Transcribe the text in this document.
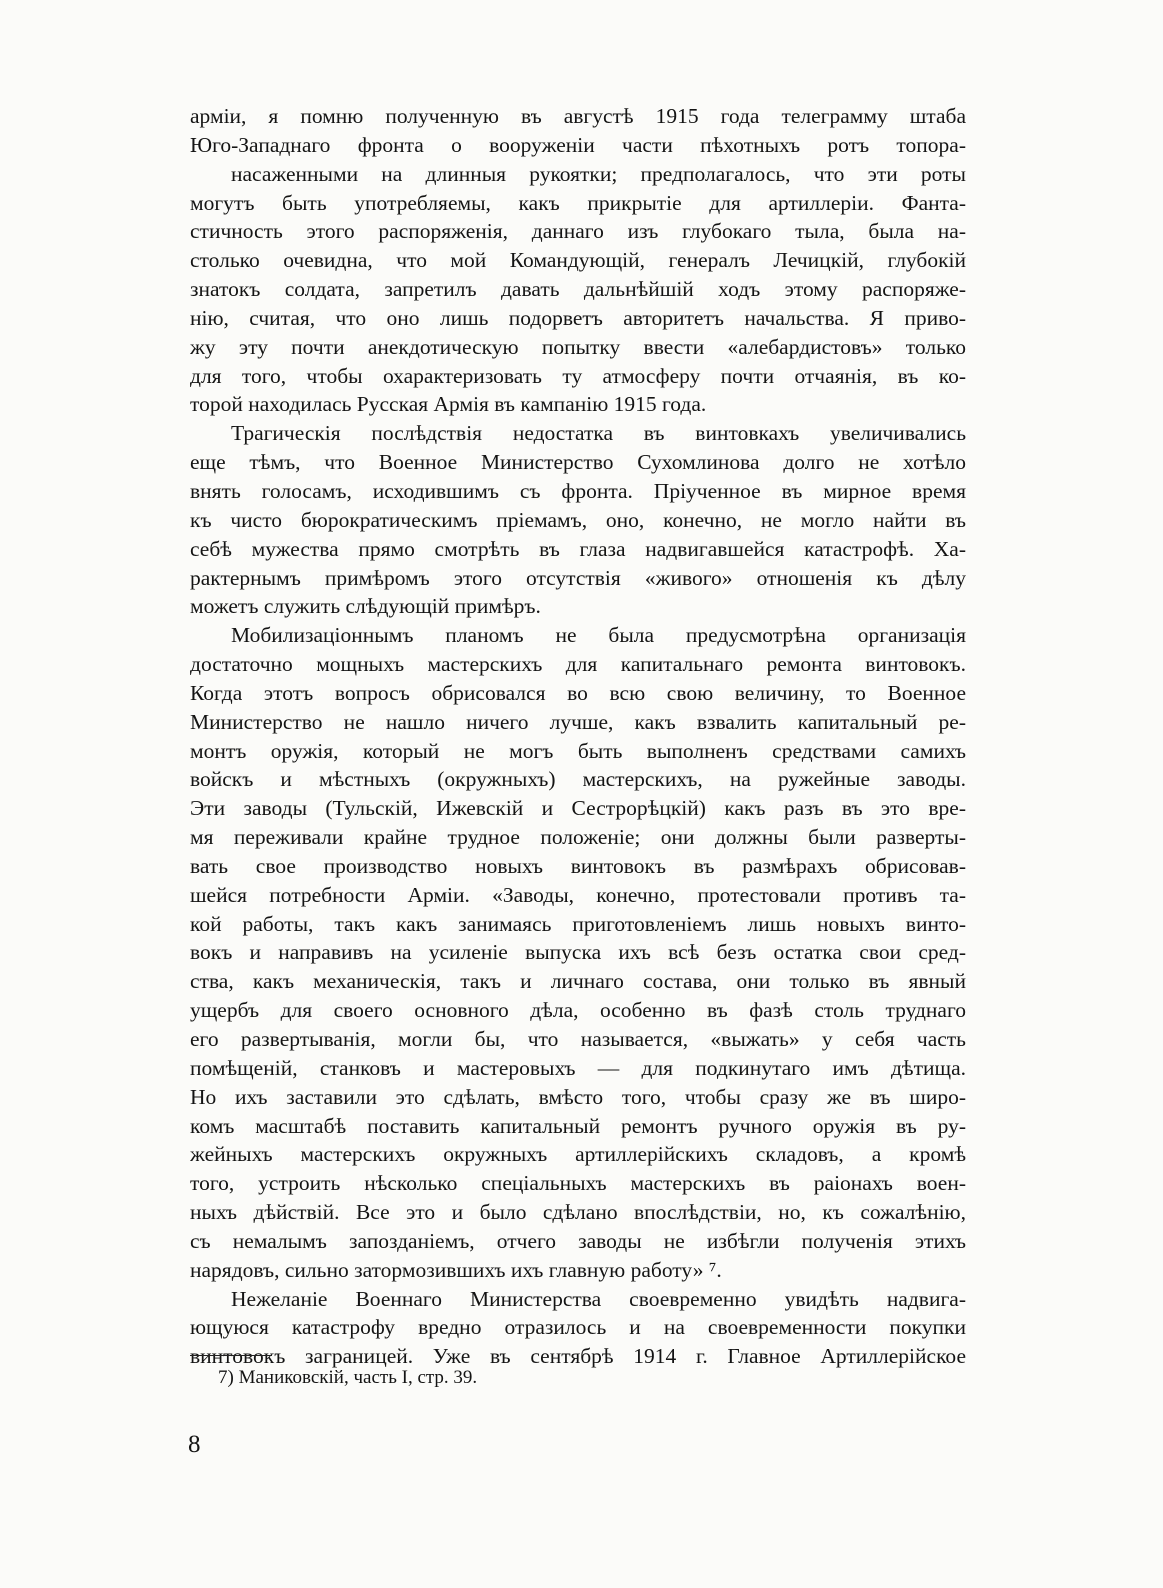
армiи, я помню полученную въ августѣ 1915 года телеграмму штаба
Юго-Западнаго фронта о вооруженiи части пѣхотныхъ ротъ топора-
насаженными на длинныя рукоятки; предполагалось, что эти роты
могутъ быть употребляемы, какъ прикрытiе для артиллерiи. Фанта-
стичность этого распоряженiя, даннаго изъ глубокаго тыла, была на-
столько очевидна, что мой Командующiй, генералъ Лечицкiй, глубокiй
знатокъ солдата, запретилъ давать дальнѣйшiй ходъ этому распоряже-
нiю, считая, что оно лишь подорветъ авторитетъ начальства. Я приво-
жу эту почти анекдотическую попытку ввести «алебардистовъ» только
для того, чтобы охарактеризовать ту атмосферу почти отчаянiя, въ ко-
торой находилась Русская Армiя въ кампанiю 1915 года.
Трагическiя послѣдствiя недостатка въ винтовкахъ увеличивались
еще тѣмъ, что Военное Министерство Сухомлинова долго не хотѣло
внять голосамъ, исходившимъ съ фронта. Прiученное въ мирное время
къ чисто бюрократическимъ прiемамъ, оно, конечно, не могло найти въ
себѣ мужества прямо смотрѣть въ глаза надвигавшейся катастрофѣ. Ха-
рактернымъ примѣромъ этого отсутствiя «живого» отношенiя къ дѣлу
можетъ служить слѣдующiй примѣръ.
Мобилизацiоннымъ планомъ не была предусмотрѣна организацiя
достаточно мощныхъ мастерскихъ для капитальнаго ремонта винтовокъ.
Когда этотъ вопросъ обрисовался во всю свою величину, то Военное
Министерство не нашло ничего лучше, какъ взвалить капитальный ре-
монтъ оружiя, который не могъ быть выполненъ средствами самихъ
войскъ и мѣстныхъ (окружныхъ) мастерскихъ, на ружейные заводы.
Эти заводы (Тульскiй, Ижевскiй и Сестрорѣцкiй) какъ разъ въ это вре-
мя переживали крайне трудное положенiе; они должны были разверты-
вать свое производство новыхъ винтовокъ въ размѣрахъ обрисовав-
шейся потребности Армiи. «Заводы, конечно, протестовали противъ та-
кой работы, такъ какъ занимаясь приготовленiемъ лишь новыхъ винто-
вокъ и направивъ на усиленiе выпуска ихъ всѣ безъ остатка свои сред-
ства, какъ механическiя, такъ и личнаго состава, они только въ явный
ущербъ для своего основного дѣла, особенно въ фазѣ столь труднаго
его развертыванiя, могли бы, что называется, «выжать» у себя часть
помѣщенiй, станковъ и мастеровыхъ — для подкинутаго имъ дѣтища.
Но ихъ заставили это сдѣлать, вмѣсто того, чтобы сразу же въ широ-
комъ масштабѣ поставить капитальный ремонтъ ручного оружiя въ ру-
жейныхъ мастерскихъ окружныхъ артиллерiйскихъ складовъ, а кромѣ
того, устроить нѣсколько спецiальныхъ мастерскихъ въ раiонахъ воен-
ныхъ дѣйствiй. Все это и было сдѣлано впослѣдствiи, но, къ сожалѣнiю,
съ немалымъ запозданiемъ, отчего заводы не избѣгли полученiя этихъ
нарядовъ, сильно затормозившихъ ихъ главную работу» ⁷.
Нежеланiе Военнаго Министерства своевременно увидѣть надвига-
ющуюся катастрофу вредно отразилось и на своевременности покупки
винтовокъ заграницей. Уже въ сентябрѣ 1914 г. Главное Артиллерiйское
7) Маниковскiй, часть I, стр. 39.
8
